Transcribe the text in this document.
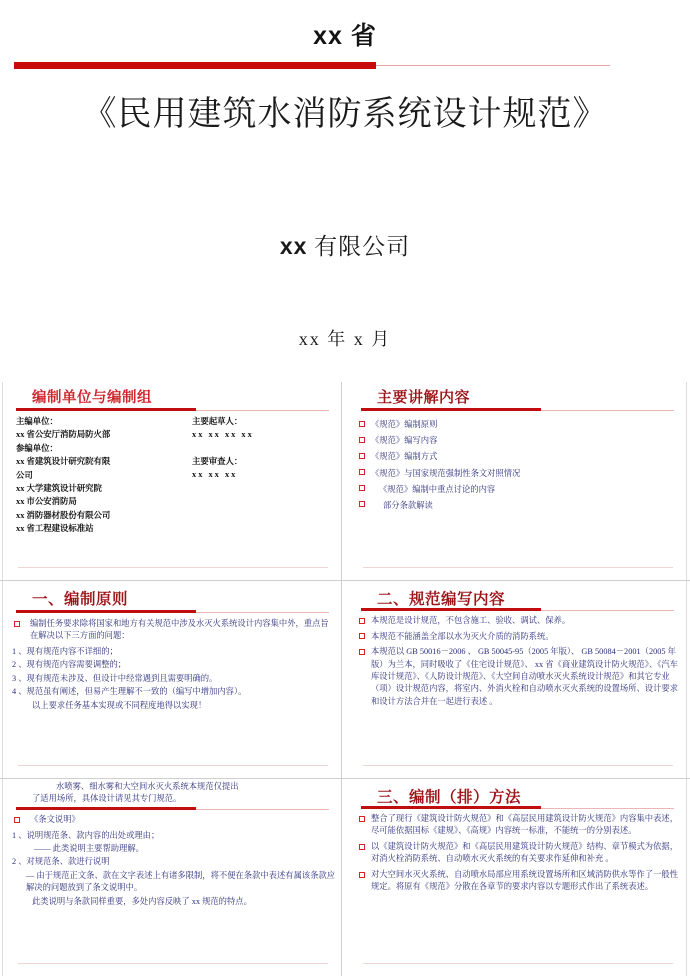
xx 省
《民用建筑水消防系统设计规范》
xx 有限公司
xx 年 x 月
编制单位与编制组
主编单位：
xx 省公安厅消防局防火部
参编单位：
xx 省建筑设计研究院有限
公司
xx 大学建筑设计研究院
xx 市公安消防局
xx 消防器材股份有限公司
xx 省工程建设标准站
主要起草人：
xx xx xx xx
主要审查人：
xx xx xx
主要讲解内容
《规范》编制原则
《规范》编写内容
《规范》编制方式
《规范》与国家规范强制性条文对照情况
《规范》编制中重点讨论的内容
部分条款解读
一、编制原则
编制任务要求除将国家和地方有关规范中涉及水灭火系统设计内容集中外，重点旨在解决以下三方面的问题：
1 、现有规范内容不详细的；
2 、现有规范内容需要调整的；
3 、现有规范未涉及、但设计中经常遇到且需要明确的。
4 、规范虽有阐述，但易产生理解不一致的（编写中增加内容）。
以上要求任务基本实现或不同程度地得以实现！
二、规范编写内容
本规范是设计规范，不包含施工、验收、调试、保养。
本规范不能涵盖全部以水为灭火介质的消防系统。
本规范以 GB 50016－2006 、 GB 50045-95（2005 年版）、 GB 50084－2001（2005 年版）为兰本，同时吸收了《住宅设计规范》、 xx 省《商业建筑设计防火规范》、《汽车库设计规范》、《人防设计规范》、《大空间自动喷水灭火系统设计规范》和其它专业（项）设计规范内容，将室内、外消火栓和自动喷水灭火系统的设置场所、设计要求和设计方法合并在一起进行表述 。
水喷雾、细水雾和大空间水灭火系统本规范仅提出
了适用场所，具体设计请见其专门规范。
《条文说明》
1 、说明规范条、款内容的出处或理由；
—— 此类说明主要帮助理解。
2 、对规范条、款进行说明
— 由于规范正文条、款在文字表述上有诸多限制，将不便在条款中表述有属该条款应解决的问题放到了条文说明中。
此类说明与条款同样重要，多处内容反映了 xx 规范的特点。
三、编制（排）方法
整合了现行《建筑设计防火规范》和《高层民用建筑设计防火规范》内容集中表述，尽可能依据国标《建规》、《高规》内容统一标准，不能统一的分别表述。
以《建筑设计防火规范》和《高层民用建筑设计防火规范》结构、章节模式为依据，对消火栓消防系统、自动喷水灭火系统的有关要求作延伸和补充 。
对大空间水灭火系统、自动喷水局部应用系统设置场所和区域消防供水等作了一般性规定。将原有《规范》分散在各章节的要求内容以专题形式作出了系统表述。
